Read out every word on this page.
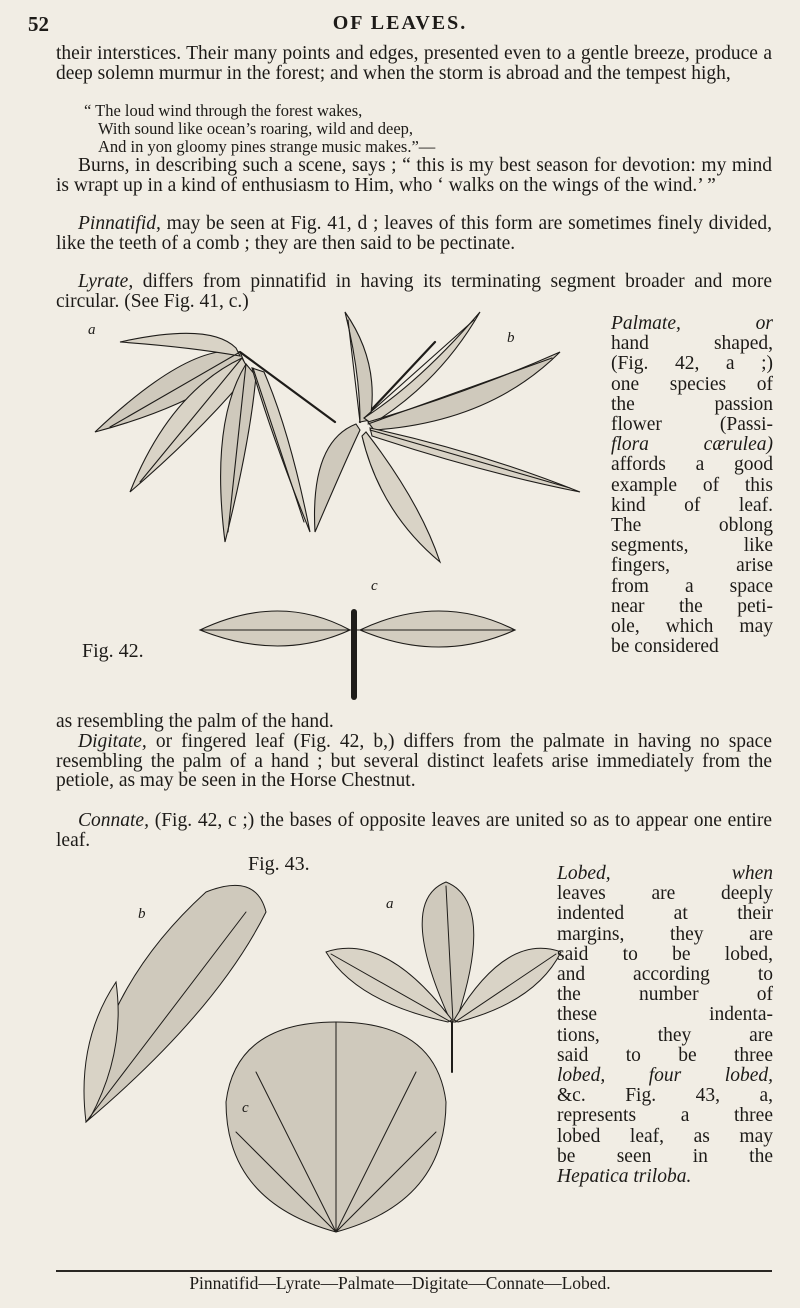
52	OF LEAVES.
their interstices. Their many points and edges, presented even to a gentle breeze, produce a deep solemn murmur in the forest; and when the storm is abroad and the tempest high,
“ The loud wind through the forest wakes,
With sound like ocean’s roaring, wild and deep,
And in yon gloomy pines strange music makes.”—
Burns, in describing such a scene, says ; “ this is my best season for devotion: my mind is wrapt up in a kind of enthusiasm to Him, who ‘ walks on the wings of the wind.’ ”
Pinnatifid, may be seen at Fig. 41, d ; leaves of this form are sometimes finely divided, like the teeth of a comb ; they are then said to be pectinate.
Lyrate, differs from pinnatifid in having its terminating segment broader and more circular. (See Fig. 41, c.)
Palmate, or
hand shaped,
(Fig. 42, a ;)
one species of
the passion
flower (Passi-
flora cærulea)
affords a good
example of this
kind of leaf.
The oblong
segments, like
fingers, arise
from a space
near the peti-
ole, which may
be considered
a	b
c
Fig. 42.
as resembling the palm of the hand.
Digitate, or fingered leaf (Fig. 42, b,) differs from the palmate in having no space resembling the palm of a hand ; but several distinct leafets arise immediately from the petiole, as may be seen in the Horse Chestnut.
Connate, (Fig. 42, c ;) the bases of opposite leaves are united so as to appear one entire leaf.
Fig. 43.
b
a
c
Lobed, when
leaves are deeply
indented at their
margins, they are
said to be lobed,
and according to
the number of
these indenta-
tions, they are
said to be three
lobed, four lobed,
&c. Fig. 43, a,
represents a three
lobed leaf, as may
be seen in the
Hepatica triloba.
Pinnatifid—Lyrate—Palmate—Digitate—Connate—Lobed.
